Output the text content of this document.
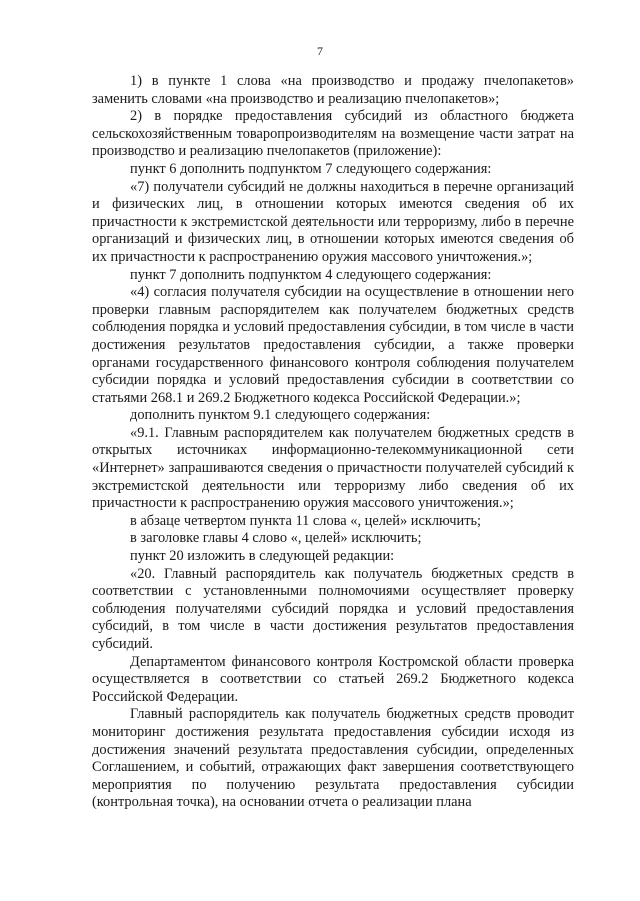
7

1) в пункте 1 слова «на производство и продажу пчелопакетов» заменить словами «на производство и реализацию пчелопакетов»;

2) в порядке предоставления субсидий из областного бюджета сельскохозяйственным товаропроизводителям на возмещение части затрат на производство и реализацию пчелопакетов (приложение):

пункт 6 дополнить подпунктом 7 следующего содержания:

«7) получатели субсидий не должны находиться в перечне организаций и физических лиц, в отношении которых имеются сведения об их причастности к экстремистской деятельности или терроризму, либо в перечне организаций и физических лиц, в отношении которых имеются сведения об их причастности к распространению оружия массового уничтожения.»;

пункт 7 дополнить подпунктом 4 следующего содержания:

«4) согласия получателя субсидии на осуществление в отношении него проверки главным распорядителем как получателем бюджетных средств соблюдения порядка и условий предоставления субсидии, в том числе в части достижения результатов предоставления субсидии, а также проверки органами государственного финансового контроля соблюдения получателем субсидии порядка и условий предоставления субсидии в соответствии со статьями 268.1 и 269.2 Бюджетного кодекса Российской Федерации.»;

дополнить пунктом 9.1 следующего содержания:

«9.1. Главным распорядителем как получателем бюджетных средств в открытых источниках информационно-телекоммуникационной сети «Интернет» запрашиваются сведения о причастности получателей субсидий к экстремистской деятельности или терроризму либо сведения об их причастности к распространению оружия массового уничтожения.»;

в абзаце четвертом пункта 11 слова «, целей» исключить;

в заголовке главы 4 слово «, целей» исключить;

пункт 20 изложить в следующей редакции:

«20. Главный распорядитель как получатель бюджетных средств в соответствии с установленными полномочиями осуществляет проверку соблюдения получателями субсидий порядка и условий предоставления субсидий, в том числе в части достижения результатов предоставления субсидий.

Департаментом финансового контроля Костромской области проверка осуществляется в соответствии со статьей 269.2 Бюджетного кодекса Российской Федерации.

Главный распорядитель как получатель бюджетных средств проводит мониторинг достижения результата предоставления субсидии исходя из достижения значений результата предоставления субсидии, определенных Соглашением, и событий, отражающих факт завершения соответствующего мероприятия по получению результата предоставления субсидии (контрольная точка), на основании отчета о реализации плана
